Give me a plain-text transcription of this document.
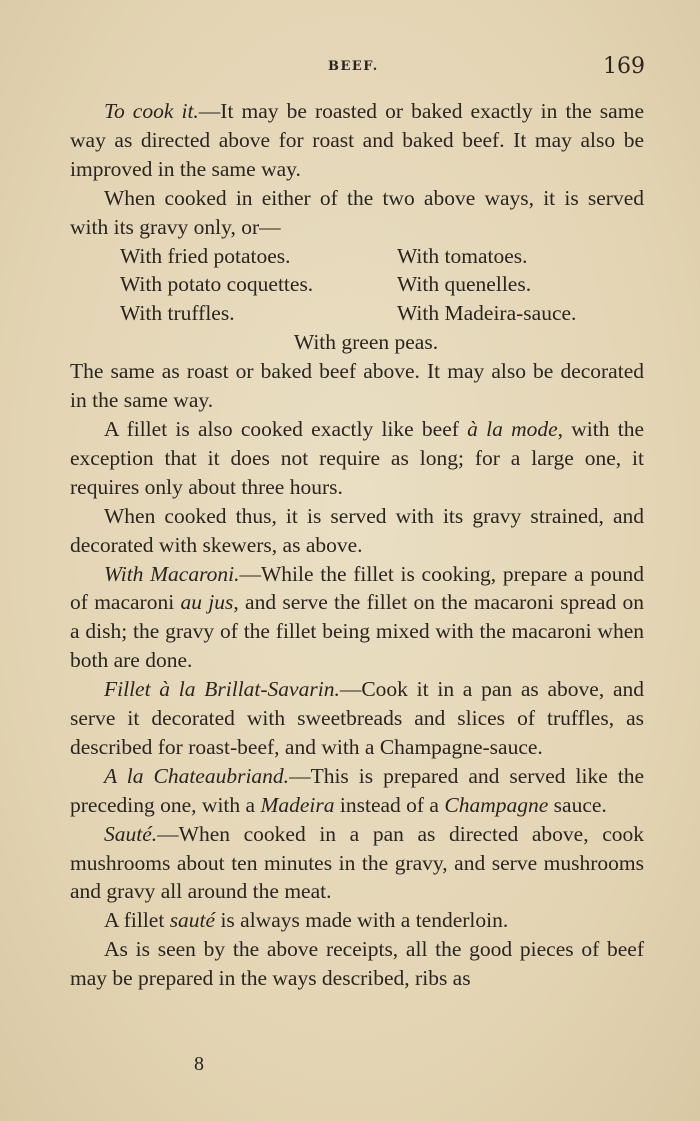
BEEF.	169

To cook it.—It may be roasted or baked exactly in the same way as directed above for roast and baked beef. It may also be improved in the same way.

When cooked in either of the two above ways, it is served with its gravy only, or—

With fried potatoes.	With tomatoes.
With potato coquettes.	With quenelles.
With truffles.	With Madeira-sauce.
With green peas.

The same as roast or baked beef above. It may also be decorated in the same way.

A fillet is also cooked exactly like beef à la mode, with the exception that it does not require as long; for a large one, it requires only about three hours.

When cooked thus, it is served with its gravy strained, and decorated with skewers, as above.

With Macaroni.—While the fillet is cooking, prepare a pound of macaroni au jus, and serve the fillet on the macaroni spread on a dish; the gravy of the fillet being mixed with the macaroni when both are done.

Fillet à la Brillat-Savarin.—Cook it in a pan as above, and serve it decorated with sweetbreads and slices of truffles, as described for roast-beef, and with a Champagne-sauce.

A la Chateaubriand.—This is prepared and served like the preceding one, with a Madeira instead of a Champagne sauce.

Sauté.—When cooked in a pan as directed above, cook mushrooms about ten minutes in the gravy, and serve mushrooms and gravy all around the meat.

A fillet sauté is always made with a tenderloin.

As is seen by the above receipts, all the good pieces of beef may be prepared in the ways described, ribs as

8
